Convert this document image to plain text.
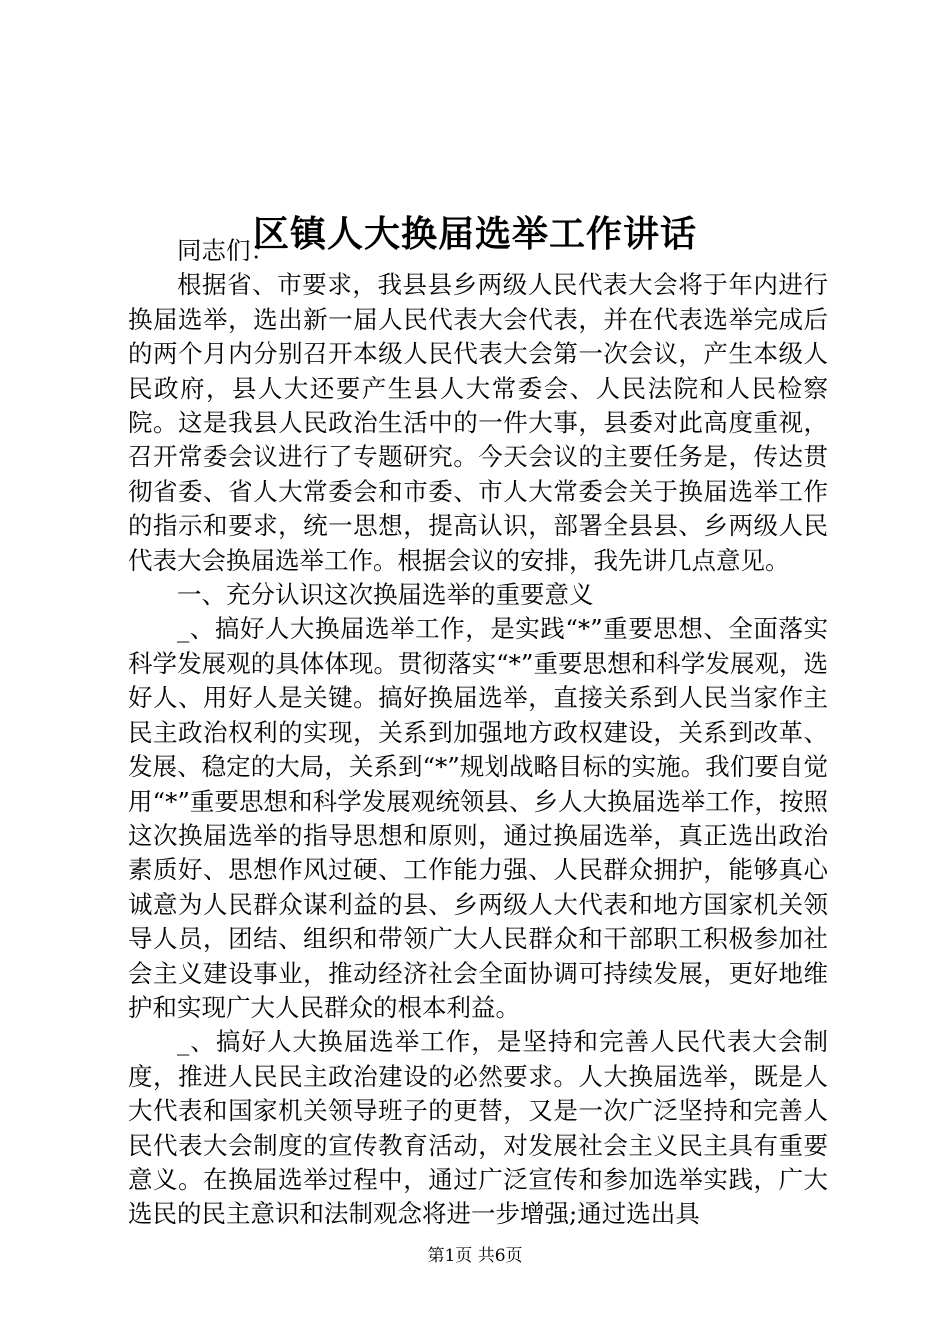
区镇人大换届选举工作讲话

同志们：

根据省、市要求，我县县乡两级人民代表大会将于年内进行换届选举，选出新一届人民代表大会代表，并在代表选举完成后的两个月内分别召开本级人民代表大会第一次会议，产生本级人民政府，县人大还要产生县人大常委会、人民法院和人民检察院。这是我县人民政治生活中的一件大事，县委对此高度重视，召开常委会议进行了专题研究。今天会议的主要任务是，传达贯彻省委、省人大常委会和市委、市人大常委会关于换届选举工作的指示和要求，统一思想，提高认识，部署全县县、乡两级人民代表大会换届选举工作。根据会议的安排，我先讲几点意见。

一、充分认识这次换届选举的重要意义

_、搞好人大换届选举工作，是实践“*”重要思想、全面落实科学发展观的具体体现。贯彻落实“*”重要思想和科学发展观，选好人、用好人是关键。搞好换届选举，直接关系到人民当家作主民主政治权利的实现，关系到加强地方政权建设，关系到改革、发展、稳定的大局，关系到“*”规划战略目标的实施。我们要自觉用“*”重要思想和科学发展观统领县、乡人大换届选举工作，按照这次换届选举的指导思想和原则，通过换届选举，真正选出政治素质好、思想作风过硬、工作能力强、人民群众拥护，能够真心诚意为人民群众谋利益的县、乡两级人大代表和地方国家机关领导人员，团结、组织和带领广大人民群众和干部职工积极参加社会主义建设事业，推动经济社会全面协调可持续发展，更好地维护和实现广大人民群众的根本利益。

_、搞好人大换届选举工作，是坚持和完善人民代表大会制度，推进人民民主政治建设的必然要求。人大换届选举，既是人大代表和国家机关领导班子的更替，又是一次广泛坚持和完善人民代表大会制度的宣传教育活动，对发展社会主义民主具有重要意义。在换届选举过程中，通过广泛宣传和参加选举实践，广大选民的民主意识和法制观念将进一步增强;通过选出具

第1页 共6页
